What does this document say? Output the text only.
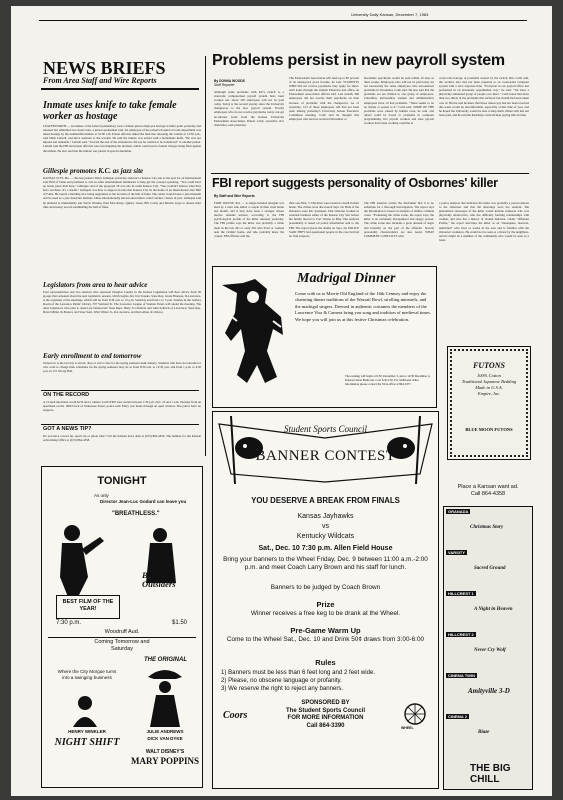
University Daily Kansan, December 7, 1983
NEWS BRIEFS
From Area Staff and Wire Reports
Inmate uses knife to take female worker as hostage
LEAVENWORTH — An inmate at the federal penitentiary took a female prison employee hostage at knife-point yesterday and released her unharmed two hours later, a prison spokesman said. An employee of the prison's hospital records department was taken hostage by the unidentified inmate at 10:30 a.m. Prison officials talked the man into releasing the woman at 12:30 p.m., said Mark Luttrell, executive assistant to the warden. He said the inmate was armed with a homemade knife. "He was not injured and demands," Luttrell said. "Toward the end of the situation he did say he wanted to be transferred" to another prison. Luttrell said the FBI and prison officials were investigating the incident, which could lead to federal charges being filed against the inmate. He also said that the inmate was placed in special detention.
Gillespie promotes K.C. as jazz site
KANSAS CITY, Mo. — Be-bop pioneer Dizzy Gillespie yesterday endorsed a Kansas City site as the spot for an International Jazz Hall of Fame and promised to call on other entertainment luminaries to help get the concept operating. "You could have no better place than here," Gillespie said of the proposed 18 acre site in south Kansas City. "You wouldn't believe what they have out there. It's a dream." Gillespie was here to support an idea that Kansas City be the home of an International Jazz Hall of Fame. He toured a building now being negotiated as the location of the hall of fame. The center would house a jazz museum and be used as a jazz musician institute where internationally known entertainers could conduct classes in jazz. Gillespie said he planned to immediately ask Stevie Wonder, Paul McCartney, Quincy Jones, Bill Cosby and Marvin Gaye to donate their time and money toward establishing the hall of fame.
Legislators from area to hear advice
Four representatives and two senators who represent Douglas County in the Kansas Legislature will hear advice from 30 groups that reckoned about the next legislative session, which begins Jan. 9 in Topeka. State Rep. Jessie Branson, D-Lawrence, is the organizer of the meetings, which will be from 9:30 a.m. to 12 p.m. Saturday and from 1 to 5 p.m. Sunday in the Gallery Room of the Lawrence Public Library, 707 Vermont St. The Lawrence League of Women Voters will attend the meeting. The other legislators who plan to attend are Democratic State Reps. Betty Jo Charlton and John Solbach of Lawrence; State Rep. David Miller, R-Eudora; and State Sens. Wint Winter Jr., R-Lawrence, and Don Allen, R-Ottawa.
Early enrollment to end tomorrow
Tomorrow is the last day to enroll, drop or add a class for the spring semester until January. Students who have not enrolled or who want to change their schedules for the spring semester may do so from 8:30 a.m. to 12:30 p.m. and from 1 p.m. to 4:30 p.m. in 151 Strong Hall.
ON THE RECORD
A 15-inch television worth $150 and a camera worth $300 were stolen between 1:30 p.m. Nov. 23 and 1 a.m. Tuesday from an apartment on the 1600 block of Tennessee Street, police said. Entry was made through an open window. The police have no suspects.
GOT A NEWS TIP?
Do you have a news tip, sports tip or photo idea? Call the Kansan news desk at (913) 864-4810. The number for the Kansan Advertising Office is (913) 864-4358.
Problems persist in new payroll system
By DONNA WOODS
Staff Reporter
Although some problems with KU's switch to a statewide computerized payroll system have been worked out, about 100 employees will not be paid today. Today is the second payday since the University changeover to the new payroll system. Faculty employees who do not receive paychecks today can get no-interest loans from the Kansas University Endowment Association, Robert Cobb, executive vice chancellor, said yesterday.
The Endowment Association will lend up to 80 percent of an employee's gross income, he said. STUDENTS WHO DO not receive paychecks may apply for short-term loans through the student Financial Aid office, an Endowment Association official said. Last month, 366 employees did not receive their paychecks on time because of problems with the changeover. As of yesterday, 123 of those employees still had not been paid. During yesterday's University Senate Executive Committee meeting, Cobb said he thought that employees who had not received November or
December paychecks would be paid within 10 days to three weeks. Employees who will not be paid today are not necessarily the same employees who encountered problems in November, Cobb said. He also said that the problems are not limited to one group of employees. Classified, unclassified, student and administrative employees have all had problems. "There seems to be no rhyme or reason to it," Cobb said. SOME OF THE problems were caused by human error, he said, and others could be traced to problems in computer programming. KU payroll workers and state payroll workers have been working overtime to
correct the barrage of problems created by the switch. But, Cobb said, the workers also had not been prepared to an overloaded computer system with a slow response time. "Everyone in our payroll office has performed in an absolutely superhuman way," he said. "We have a physically exhausted group of people over there." Cobb noted that more than two-thirds of the problems that surfaced last month had been taken care of. But he said he knew that those whose pay had not been received this week would be uncomfortable, especially at this time of year, and he hoped the University would be able to help them. Others still had not been paid, and he said the hardships could include paying bills in time.
FBI report suggests personality of Osbornes' killer
By Staff and Wire Reports
FORT WAYNE, Ind. — A single-barreled shotgun was used by a man who killed a couple in their rural home last month, and it may have been a stranger whose motive remains unclear, according to the FBI psychological profile of the killer released yesterday. The FBI profile says the killer was probably a white male in his late 20s or early 30s who lived or worked near the victims' home, and who probably knew the couple. FBI officials said the
their son, Ben, 3. The three were beaten to death in their home. The crimes were discovered Sept. 24. Both of the Osbornes were KU graduates. Dan Osborne worked as assistant business editor of the Kansas City Star before his family moved to Fort Wayne in May. The analysis presumably is based on police information sent to the FBI. The report places the deaths on Sept. 24. POLICE SAID THEY had questioned people in the case but had no firm suspects.
The FBI analysis carries the disclaimer that it is no substitute for a thorough investigation. The report says the information is based on analysis of similar criminal cases. "Evaluating the crime scene, the report says, the killer is an extremely disorganized and sloppy person. The crime scene also includes a great amount of anger and brutality on the part of the offender. Several personality characteristics are also noted. WHAT COMMENT CONFLICTS with
a police analysis that indicates the killer was probably a person known to the Osbornes and that the shootings were not random. The generalized stereotype of the killer would include someone who was physically unattractive, who has difficulty forming relationships with women, and who has a history of violent behavior. Under "Offender Profile," the report describes the killer as an "inadequate, insecure, individual" who lives or works in the area and is familiar with the Osbornes' residence. He would not be seen as a threat by the neighbors, and he might be a member of the community who would be seen as a loner.
Madrigal Dinner
Come with us to Merrie Old England of the 16th Century and enjoy the charming dinner traditions of the Wassail Bowl, strolling minstrels, and the madrigal singers. Dressed in authentic costumes the members of the Lawrence Visa & Camera bring you song and tradition of medieval times. We hope you will join us at this festive Christmas celebration.
The evening will begin at 6:30, December 3, and at 12:30 December 4, Kansas Union Ballroom. Cost is $12.50. For additional ticket information please contact the SUA office at 864-3477.
FUTONS
100% Cotton
Traditional Japanese Bedding
Made in U.S.A.
Empire, Inc.
BLUE MOON FUTONS
Student Sports Council
BANNER CONTEST
YOU DESERVE A BREAK FROM FINALS
Kansas Jayhawks
vs
Kentucky Wildcats
Sat., Dec. 10 7:30 p.m. Allen Field House
Bring your banners to the Wheel Friday, Dec. 9 between 11:00 a.m.-2:00 p.m. and meet Coach Larry Brown and his staff for lunch.
Banners to be judged by Coach Brown
Prize
Winner receives a free keg to be drank at the Wheel.
Pre-Game Warm Up
Come to the Wheel Sat., Dec. 10 and Drink 50¢ draws from 3:00-6:00
Rules
1) Banners must be less than 6 feet long and 2 feet wide.
2) Please, no obscene language or profanity.
3) We reserve the right to reject any banners.
SPONSORED BY
The Student Sports Council
FOR MORE INFORMATION
Call 864-3390
Coors
WHEEL
TONIGHT
As only
Director Jean-Luc Godard can leave you
"BREATHLESS."
Band of Outsiders
BEST FILM OF THE YEAR!
7:30 p.m.	$1.50
Woodruff Aud.
Coming Tomorrow and Saturday
THE ORIGINAL
Where the City Morgue turns into a swinging business
HENRY WINKLER
NIGHT SHIFT
JULIE ANDREWS
DICK VAN DYKE
WALT DISNEY'S
MARY POPPINS
Place a Kansan want ad.
Call 864-4358
GRANADA
Christmas Story
VARSITY
Sacred Ground
HILLCREST 1
A Night in Heaven
HILLCREST 2
Never Cry Wolf
CINEMA TWIN
Amityville 3-D
CINEMA 2
Biaze
THE BIG CHILL
